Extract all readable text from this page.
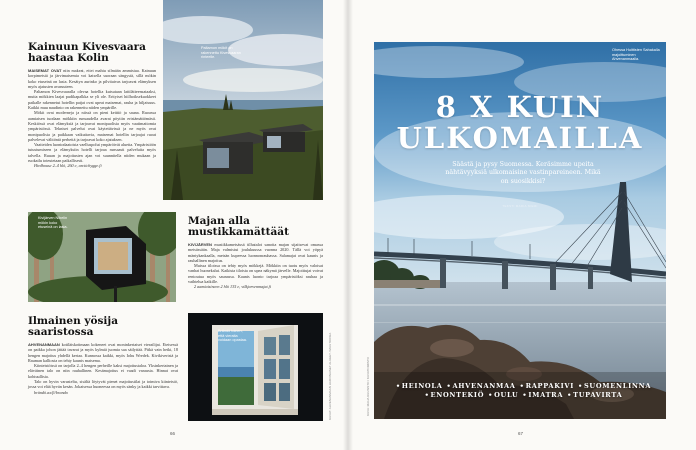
Kainuun Kivesvaara haastaa Kolin

MAISEMAT OVAT niin makeat, ettei mahtu silmään ammistua. Kainuun korpimetsiä ja järvimaisemia voi katsella suoraan sängystä, sillä mökin koko etuseinä on lasia. Kesätyn aurinko ja pilvitaivas tarjoavat elämyksen myös ajatusten avaruuteen.

Paltamon Kivesvaaralla olevaa hotellia kutsutaan lattilätteensataaksi, mutta mökkien laajat pudikapalkka se yli ole. Erityiset hiilhoiksekuokkeet paikalle rakennetut hotellin patjat ovat upeat maisemat, rauha ja hiljaisuus. Kaikki muu naudinto on rakennettu niiden ympärille.

Mökit ovat moderneja ja niissä on pieni keittiö ja sauna. Ruoassa aamiaisen tuodaan mökkiin runsaudella avarat pöytiin eristämättömästi. Keskiössä ovat elämyksiä ja tarjoavat monipuolisia myös vaatimattomia ympäristössä. Tekniset palvelut ovat käytettävissä ja ne myös ovat monipuolisia ja paikkaan vaikuttavia, maisemat hotellin tarjoajat ruoat palvelevat välitöntä perhettä ja tarjoavat koko ajatuksen.

Vaatteiden luontodaatoista vaelluspolut ympäröivät aluetta. Ympäristöön tutustumiseen ja elämyksiin hotelli tarjoaa runsaasti palveluita myös talvella. Ruuan ja majoitusten ajan voi suunnitella niiden mukaan ja ruokailu toteutetaan paikallisesti.

Hirdhouse 2–4 hlö, 260 e, arctichygge.fi

Paltamon mökit on rakennettu Kivesvaaran rinteelle.
Kivijärven Nibelin mökin koko etuseinä on lasia.
Majan alla mustikkamättäät

KIVIJÄRVEN mustikkametsässä tilhatalot sanotta majan sijaitsevat omassa metsässään. Maja valmistui joulukuussa vuonna 2020. Tällä voi yöpyä mäntykankaalla, metsän kupeessa luonnonrauhassa. Salamajat ovat kaunis ja rauhallinen majoitus.

Muissa tiloissa on tehty myös mökkejä. Mökkiin on tuotu myös valoisat vanhat huonekalut. Kaikista tiloista on upea näkymä järvelle. Majoittujat voivat rentoutua myös saunassa. Kaunis luonto tarjoaa ympäristöksi rauhaa ja vaihtelua kaikille.

2 aamiaisineen 2 hlö 135 e, vilkjarvenmajat.fi

Ilmainen yösija saaristossa

AHVENANMAAN kotiläiskotimaan kokeneet ovat moninkertaiset vierailijat. Eteisessä on paikka johon jättää tavarat ja myös kylmiä juomia saa säilyttää. Pitkä vain hetki, 18 hengen majoitus yhdellä kertaa. Kunnossa kaikki, myös Iohu Wredek. Kivikiveristä ja Rauman kalliosta on tehty kaunis maisema.

Kiinteistöissä on tarjolla 2–4 hengen perheille kaksi majoitustaloa. Yksinkertainen ja eläväinen talo on niin rauhallinen. Kesämajoitus ei vaadi varausta. Hinnat ovat kohtuullisia.

Talo on hyvin varusteltu, sisältä löytyvät pienet majoitustilat ja toimiva kiinteistö, jossa voi elää hyvän kesän. Jokaisessa huoneessa on myös sänky ja kaikki tarvittava.

brändö.ax/fi/brando

Brändö toinen, että vieraita voidaan opastaa.	KUVAT: AHVENANMAAN HARVINAISET ALUEET / MUUTOKSIA
66
8 X KUIN
ULKOMAILLA
Säästä ja pysy Suomessa. Keräsimme upeita nähtävyyksiä ulkomaisine vastinpareineen. Mikä on suosikkisi?
TEKSTI MARIA NIEMI
Ohessa Huittisten Sahakalla majoittuminen Ahvenanmaalla.
•HEINOLA •AHVENANMAA •RAPPAKIVI •SUOMENLINNA
•ENONTEKIÖ •OULU •IMATRA •TUPAVIRTA
KUVA: MAIJA KUUSISTO / KUVATOIMISTO
67
